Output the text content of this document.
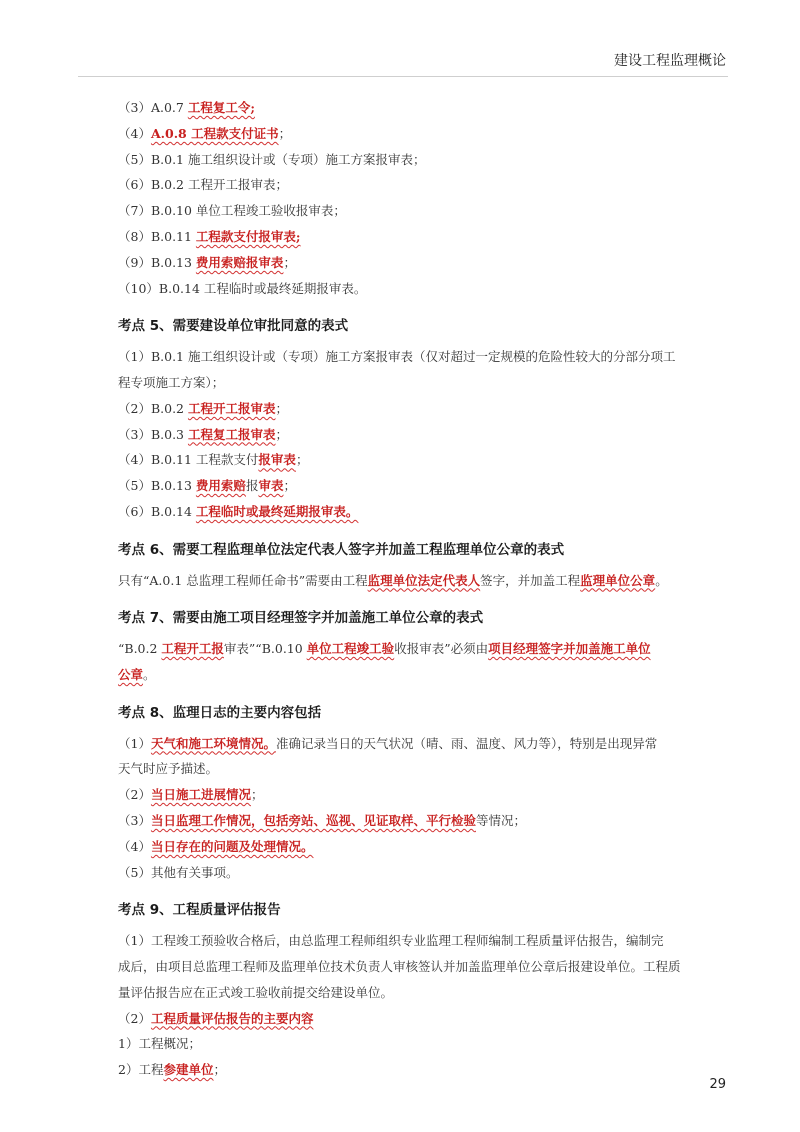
建设工程监理概论
（3）A.0.7 工程复工令;
（4）A.0.8 工程款支付证书；
（5）B.0.1 施工组织设计或（专项）施工方案报审表；
（6）B.0.2 工程开工报审表；
（7）B.0.10 单位工程竣工验收报审表；
（8）B.0.11 工程款支付报审表;
（9）B.0.13 费用索赔报审表；
（10）B.0.14 工程临时或最终延期报审表。
考点 5、需要建设单位审批同意的表式
（1）B.0.1 施工组织设计或（专项）施工方案报审表（仅对超过一定规模的危险性较大的分部分项工
程专项施工方案）；
（2）B.0.2 工程开工报审表；
（3）B.0.3 工程复工报审表；
（4）B.0.11 工程款支付报审表；
（5）B.0.13 费用索赔报审表；
（6）B.0.14 工程临时或最终延期报审表。
考点 6、需要工程监理单位法定代表人签字并加盖工程监理单位公章的表式
只有“A.0.1 总监理工程师任命书”需要由工程监理单位法定代表人签字，并加盖工程监理单位公章。
考点 7、需要由施工项目经理签字并加盖施工单位公章的表式
“B.0.2 工程开工报审表”“B.0.10 单位工程竣工验收报审表”必须由项目经理签字并加盖施工单位
公章。
考点 8、监理日志的主要内容包括
（1）天气和施工环境情况。准确记录当日的天气状况（晴、雨、温度、风力等），特别是出现异常
天气时应予描述。
（2）当日施工进展情况；
（3）当日监理工作情况，包括旁站、巡视、见证取样、平行检验等情况；
（4）当日存在的问题及处理情况。
（5）其他有关事项。
考点 9、工程质量评估报告
（1）工程竣工预验收合格后，由总监理工程师组织专业监理工程师编制工程质量评估报告，编制完
成后，由项目总监理工程师及监理单位技术负责人审核签认并加盖监理单位公章后报建设单位。工程质
量评估报告应在正式竣工验收前提交给建设单位。
（2）工程质量评估报告的主要内容
1）工程概况；
2）工程参建单位；
29
